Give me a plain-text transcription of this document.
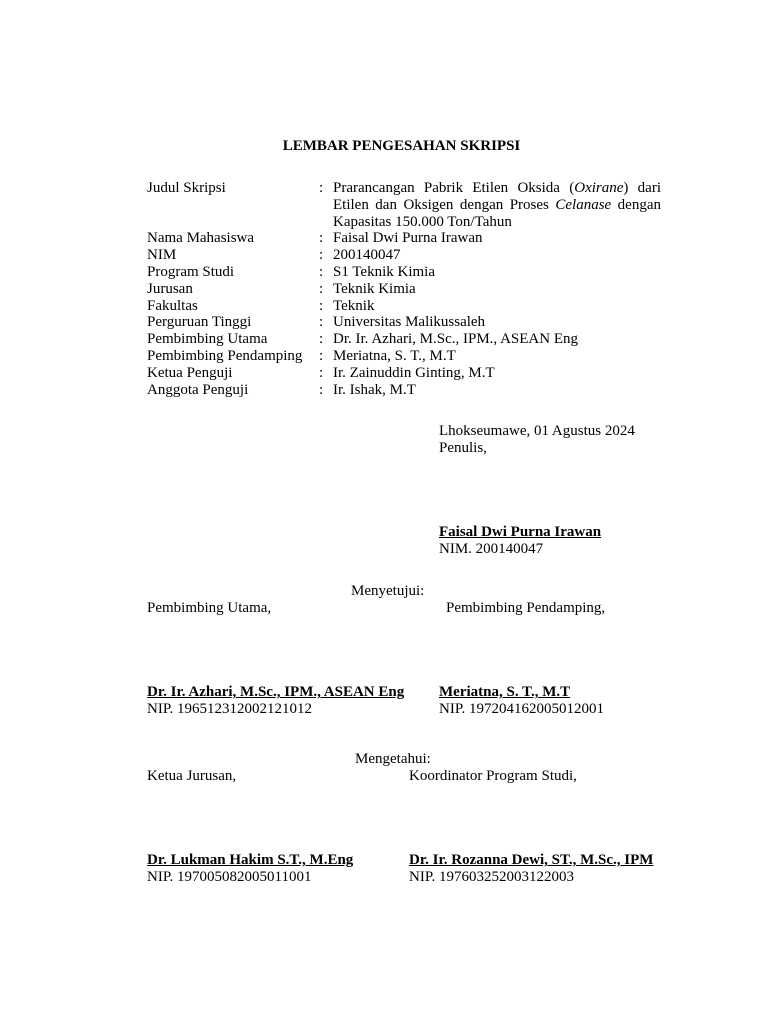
LEMBAR PENGESAHAN SKRIPSI
Judul Skripsi	:	Prarancangan Pabrik Etilen Oksida (Oxirane) dari Etilen dan Oksigen dengan Proses Celanase dengan Kapasitas 150.000 Ton/Tahun
Nama Mahasiswa	:	Faisal Dwi Purna Irawan
NIM	:	200140047
Program Studi	:	S1 Teknik Kimia
Jurusan	:	Teknik Kimia
Fakultas	:	Teknik
Perguruan Tinggi	:	Universitas Malikussaleh
Pembimbing Utama	:	Dr. Ir. Azhari, M.Sc., IPM., ASEAN Eng
Pembimbing Pendamping	:	Meriatna, S. T., M.T
Ketua Penguji	:	Ir. Zainuddin Ginting, M.T
Anggota Penguji	:	Ir. Ishak, M.T
Lhokseumawe, 01 Agustus 2024
Penulis,
Faisal Dwi Purna Irawan
NIM. 200140047
Menyetujui:
Pembimbing Utama,	Pembimbing Pendamping,
Dr. Ir. Azhari, M.Sc., IPM., ASEAN Eng
NIP. 196512312002121012
Meriatna, S. T., M.T
NIP. 197204162005012001
Mengetahui:
Ketua Jurusan,	Koordinator Program Studi,
Dr. Lukman Hakim S.T., M.Eng
NIP. 197005082005011001
Dr. Ir. Rozanna Dewi, ST., M.Sc., IPM
NIP. 197603252003122003
